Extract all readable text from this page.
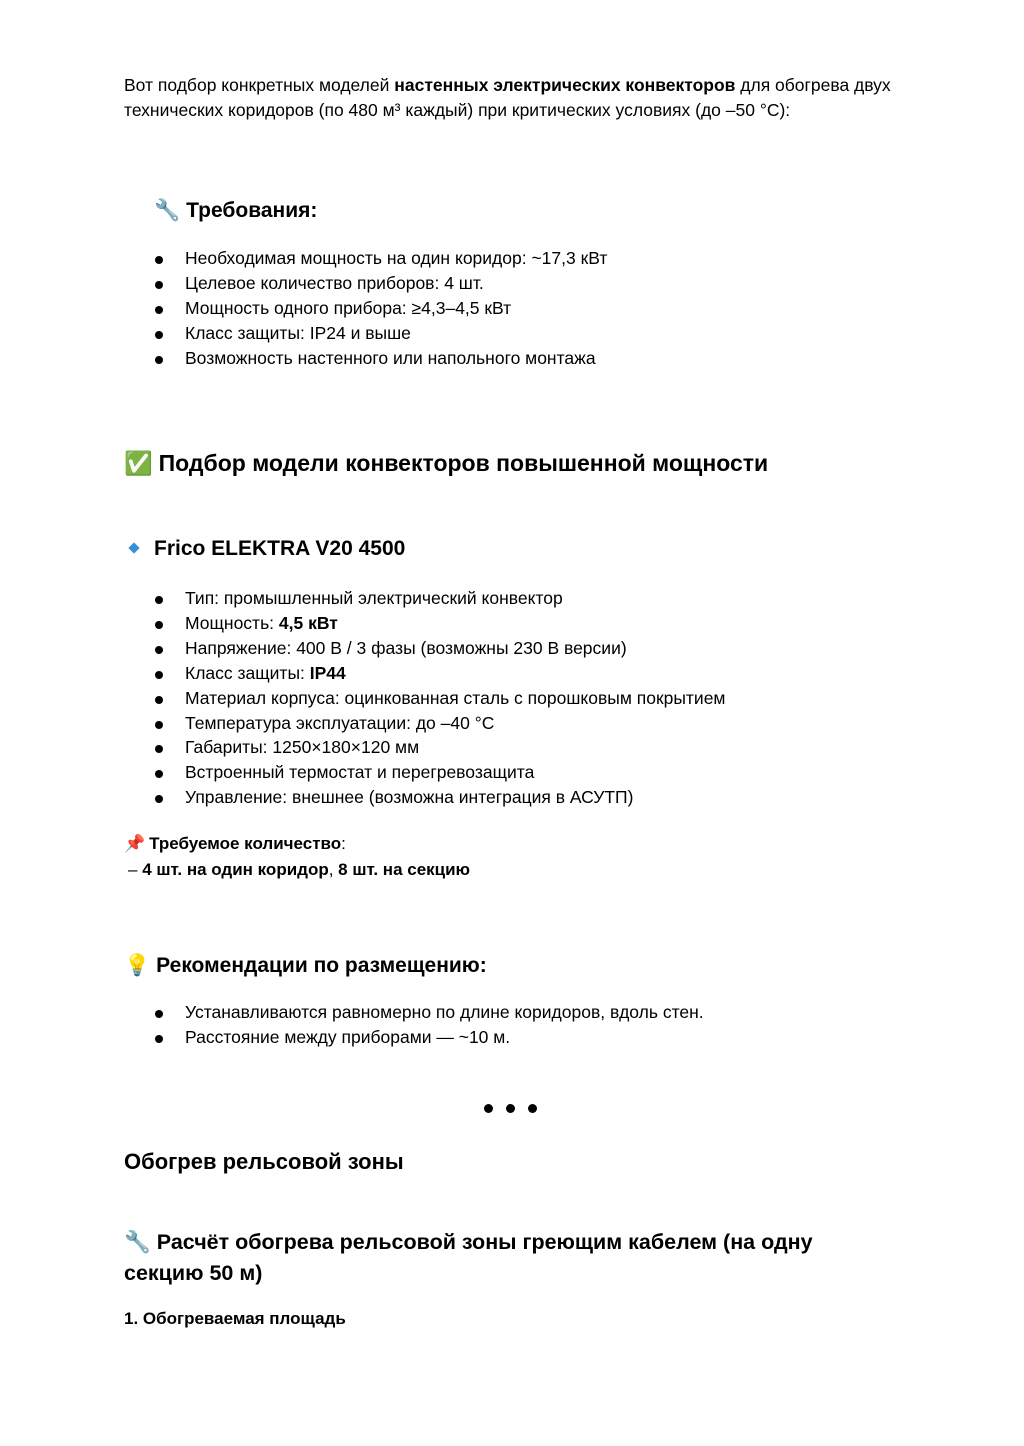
Вот подбор конкретных моделей настенных электрических конвекторов для обогрева двух технических коридоров (по 480 м³ каждый) при критических условиях (до –50 °C):

🔧 Требования:
Необходимая мощность на один коридор: ~17,3 кВт
Целевое количество приборов: 4 шт.
Мощность одного прибора: ≥4,3–4,5 кВт
Класс защиты: IP24 и выше
Возможность настенного или напольного монтажа
✅ Подбор модели конвекторов повышенной мощности
Frico ELEKTRA V20 4500
Тип: промышленный электрический конвектор
Мощность: 4,5 кВт
Напряжение: 400 В / 3 фазы (возможны 230 В версии)
Класс защиты: IP44
Материал корпуса: оцинкованная сталь с порошковым покрытием
Температура эксплуатации: до –40 °C
Габариты: 1250×180×120 мм
Встроенный термостат и перегревозащита
Управление: внешнее (возможна интеграция в АСУТП)
📌 Требуемое количество:
– 4 шт. на один коридор, 8 шт. на секцию
💡 Рекомендации по размещению:
Устанавливаются равномерно по длине коридоров, вдоль стен.
Расстояние между приборами — ~10 м.
Обогрев рельсовой зоны
🔧 Расчёт обогрева рельсовой зоны греющим кабелем (на одну секцию 50 м)
1. Обогреваемая площадь
